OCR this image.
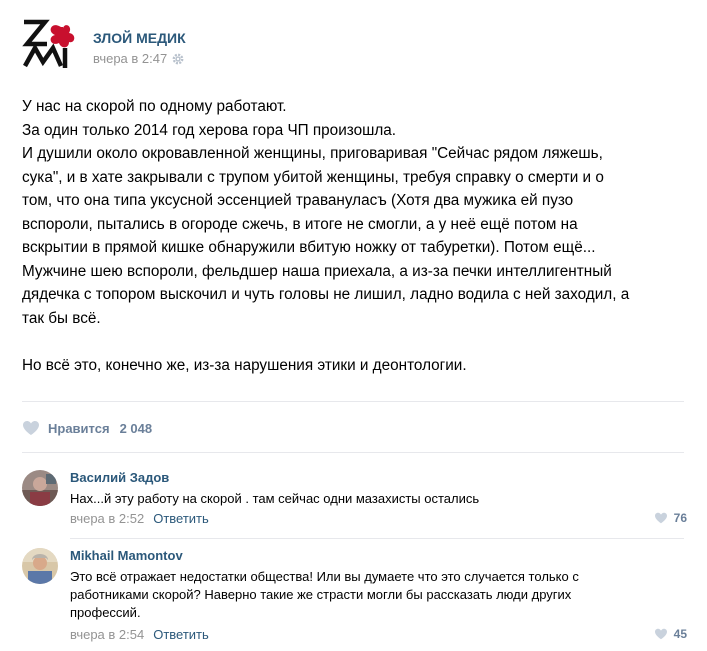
ЗЛОЙ МЕДИК
вчера в 2:47

У нас на скорой по одному работают.

За один только 2014 год херова гора ЧП произошла.

И душили около окровавленной женщины, приговаривая "Сейчас рядом ляжешь,

сука", и в хате закрывали с трупом убитой женщины, требуя справку о смерти и о

том, что она типа уксусной эссенцией травануласъ (Хотя два мужика ей пузо

вспороли, пытались в огороде сжечь, в итоге не смогли, а у неё ещё потом на

вскрытии в прямой кишке обнаружили вбитую ножку от табуретки). Потом ещё...

Мужчине шею вспороли, фельдшер наша приехала, а из-за печки интеллигентный

дядечка с топором выскочил и чуть головы не лишил, ладно водила с ней заходил, а

так бы всё.

Но всё это, конечно же, из-за нарушения этики и деонтологии.

Нравится 2 048
Василий Задов
Нах...й эту работу на скорой . там сейчас одни мазахисты остались
вчера в 2:52 Ответить	76
Mikhail Mamontov
Это всё отражает недостатки общества! Или вы думаете что это случается только с работниками скорой? Наверно такие же страсти могли бы рассказать люди других профессий.
вчера в 2:54 Ответить	45
